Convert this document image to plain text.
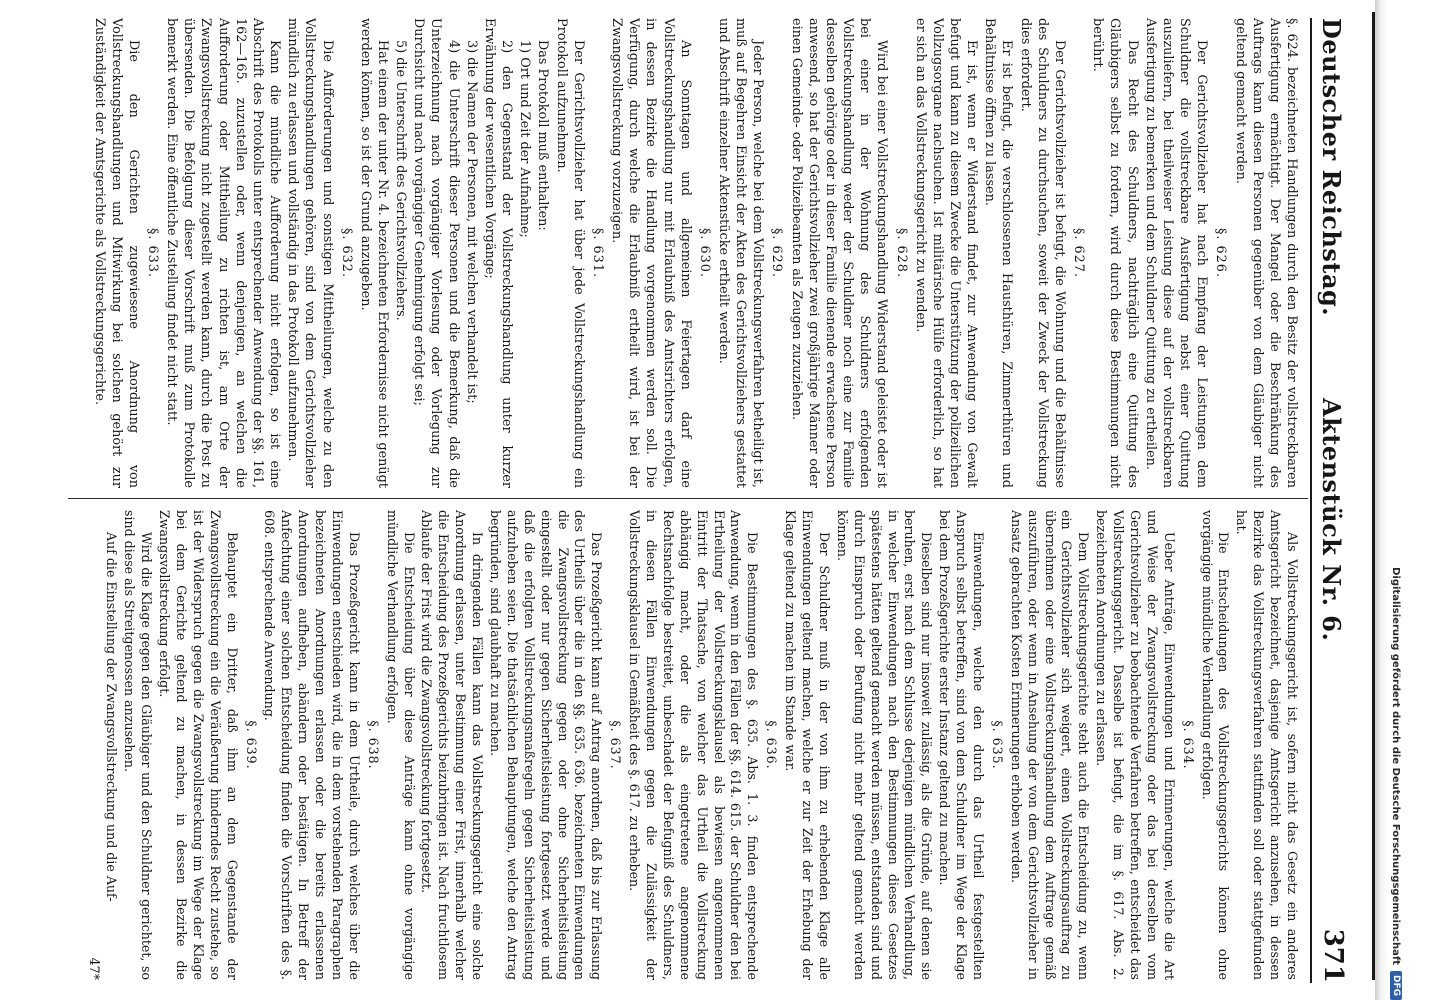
Digitalisierung gefördert durch die Deutsche Forschungsgemeinschaft
DFG
Deutscher Reichstag.
Aktenstück Nr. 6.
371

§. 624. bezeichneten Handlungen durch den Besitz der vollstreckbaren Ausfertigung ermächtigt. Der Mangel oder die Beschränkung des Auftrags kann diesen Personen gegenüber von dem Gläubiger nicht geltend gemacht werden.

§. 626.

Der Gerichtsvollzieher hat nach Empfang der Leistungen dem Schuldner die vollstreckbare Ausfertigung nebst einer Quittung auszuliefern, bei theilweiser Leistung diese auf der vollstreckbaren Ausfertigung zu bemerken und dem Schuldner Quittung zu ertheilen.

Das Recht des Schuldners, nachträglich eine Quittung des Gläubigers selbst zu fordern, wird durch diese Bestimmungen nicht berührt.

§. 627.

Der Gerichtsvollzieher ist befugt, die Wohnung und die Behältnisse des Schuldners zu durchsuchen, soweit der Zweck der Vollstreckung dies erfordert.

Er ist befugt, die verschlossenen Hausthüren, Zimmerthüren und Behältnisse öffnen zu lassen.

Er ist, wenn er Widerstand findet, zur Anwendung von Gewalt befugt und kann zu diesem Zwecke die Unterstützung der polizeilichen Vollzugsorgane nachsuchen. Ist militärische Hülfe erforderlich, so hat er sich an das Vollstreckungsgericht zu wenden.

§. 628.

Wird bei einer Vollstreckungshandlung Widerstand geleistet oder ist bei einer in der Wohnung des Schuldners erfolgenden Vollstreckungshandlung weder der Schuldner noch eine zur Familie desselben gehörige oder in dieser Familie dienende erwachsene Person anwesend, so hat der Gerichtsvollzieher zwei großjährige Männer oder einen Gemeinde- oder Polizeibeamten als Zeugen zuzuziehen.

§. 629.

Jeder Person, welche bei dem Vollstreckungsverfahren betheiligt ist, muß auf Begehren Einsicht der Akten des Gerichtsvollziehers gestattet und Abschrift einzelner Aktenstücke ertheilt werden.

§. 630.

An Sonntagen und allgemeinen Feiertagen darf eine Vollstreckungshandlung nur mit Erlaubniß des Amtsrichters erfolgen, in dessen Bezirke die Handlung vorgenommen werden soll. Die Verfügung, durch welche die Erlaubniß ertheilt wird, ist bei der Zwangsvollstreckung vorzuzeigen.

§. 631.

Der Gerichtsvollzieher hat über jede Vollstreckungshandlung ein Protokoll aufzunehmen.

Das Protokoll muß enthalten:

1) Ort und Zeit der Aufnahme;

2) den Gegenstand der Vollstreckungshandlung unter kurzer Erwähnung der wesentlichen Vorgänge;

3) die Namen der Personen, mit welchen verhandelt ist;

4) die Unterschrift dieser Personen und die Bemerkung, daß die Unterzeichnung nach vorgängiger Vorlesung oder Vorlegung zur Durchsicht und nach vorgängiger Genehmigung erfolgt sei;

5) die Unterschrift des Gerichtsvollziehers.

Hat einem der unter Nr. 4. bezeichneten Erfordernisse nicht genügt werden können, so ist der Grund anzugeben.

§. 632.

Die Aufforderungen und sonstigen Mittheilungen, welche zu den Vollstreckungshandlungen gehören, sind von dem Gerichtsvollzieher mündlich zu erlassen und vollständig in das Protokoll aufzunehmen.

Kann die mündliche Aufforderung nicht erfolgen, so ist eine Abschrift des Protokolls unter entsprechender Anwendung der §§. 161, 162—165. zuzustellen oder, wenn denjenigen, an welchen die Aufforderung oder Mittheilung zu richten ist, am Orte der Zwangsvollstreckung nicht zugestellt werden kann, durch die Post zu übersenden. Die Befolgung dieser Vorschrift muß zum Protokolle bemerkt werden. Eine öffentliche Zustellung findet nicht statt.

§. 633.

Die den Gerichten zugewiesene Anordnung von Vollstreckungshandlungen und Mitwirkung bei solchen gehört zur Zuständigkeit der Amtsgerichte als Vollstreckungsgerichte.

Als Vollstreckungsgericht ist, sofern nicht das Gesetz ein anderes Amtsgericht bezeichnet, dasjenige Amtsgericht anzusehen, in dessen Bezirke das Vollstreckungsverfahren stattfinden soll oder stattgefunden hat.

Die Entscheidungen des Vollstreckungsgerichts können ohne vorgängige mündliche Verhandlung erfolgen.

§. 634.

Ueber Anträge, Einwendungen und Erinnerungen, welche die Art und Weise der Zwangsvollstreckung oder das bei derselben vom Gerichtsvollzieher zu beobachtende Verfahren betreffen, entscheidet das Vollstreckungsgericht. Dasselbe ist befugt, die im §. 617. Abs. 2. bezeichneten Anordnungen zu erlassen.

Dem Vollstreckungsgerichte steht auch die Entscheidung zu, wenn ein Gerichtsvollzieher sich weigert, einen Vollstreckungsauftrag zu übernehmen oder eine Vollstreckungshandlung dem Auftrage gemäß auszuführen, oder wenn in Ansehung der von dem Gerichtsvollzieher in Ansatz gebrachten Kosten Erinnerungen erhoben werden.

§. 635.

Einwendungen, welche den durch das Urtheil festgestellten Anspruch selbst betreffen, sind von dem Schuldner im Wege der Klage bei dem Prozeßgerichte erster Instanz geltend zu machen.

Dieselben sind nur insoweit zulässig, als die Gründe, auf denen sie beruhen, erst nach dem Schlusse derjenigen mündlichen Verhandlung, in welcher Einwendungen nach den Bestimmungen dieses Gesetzes spätestens hätten geltend gemacht werden müssen, entstanden sind und durch Einspruch oder Berufung nicht mehr geltend gemacht werden können.

Der Schuldner muß in der von ihm zu erhebenden Klage alle Einwendungen geltend machen, welche er zur Zeit der Erhebung der Klage geltend zu machen im Stande war.

§. 636.

Die Bestimmungen des §. 635. Abs. 1. 3. finden entsprechende Anwendung, wenn in den Fällen der §§. 614. 615. der Schuldner den bei Ertheilung der Vollstreckungsklausel als bewiesen angenommenen Eintritt der Thatsache, von welcher das Urtheil die Vollstreckung abhängig macht, oder die als eingetretene angenommene Rechtsnachfolge bestreitet, unbeschadet der Befugniß des Schuldners, in diesen Fällen Einwendungen gegen die Zulässigkeit der Vollstreckungsklausel in Gemäßheit des §. 617. zu erheben.

§. 637.

Das Prozeßgericht kann auf Antrag anordnen, daß bis zur Erlassung des Urtheils über die in den §§. 635. 636. bezeichneten Einwendungen die Zwangsvollstreckung gegen oder ohne Sicherheitsleistung eingestellt oder nur gegen Sicherheitsleistung fortgesetzt werde und daß die erfolgten Vollstreckungsmaßregeln gegen Sicherheitsleistung aufzuheben seien. Die thatsächlichen Behauptungen, welche den Antrag begründen, sind glaubhaft zu machen.

In dringenden Fällen kann das Vollstreckungsgericht eine solche Anordnung erlassen, unter Bestimmung einer Frist, innerhalb welcher die Entscheidung des Prozeßgerichts beizubringen ist. Nach fruchtlosem Ablaufe der Frist wird die Zwangsvollstreckung fortgesetzt.

Die Entscheidung über diese Anträge kann ohne vorgängige mündliche Verhandlung erfolgen.

§. 638.

Das Prozeßgericht kann in dem Urtheile, durch welches über die Einwendungen entschieden wird, die in dem vorstehenden Paragraphen bezeichneten Anordnungen erlassen oder die bereits erlassenen Anordnungen aufheben, abändern oder bestätigen. In Betreff der Anfechtung einer solchen Entscheidung finden die Vorschriften des §. 608. entsprechende Anwendung.

§. 639.

Behauptet ein Dritter, daß ihm an dem Gegenstande der Zwangsvollstreckung ein die Veräußerung hinderndes Recht zustehe, so ist der Widerspruch gegen die Zwangsvollstreckung im Wege der Klage bei dem Gerichte geltend zu machen, in dessen Bezirke die Zwangsvollstreckung erfolgt.

Wird die Klage gegen den Gläubiger und den Schuldner gerichtet, so sind diese als Streitgenossen anzusehen.

Auf die Einstellung der Zwangsvollstreckung und die Auf-

47*
